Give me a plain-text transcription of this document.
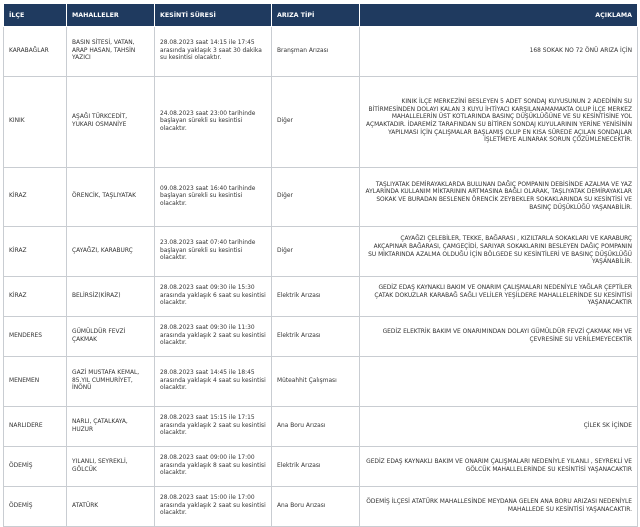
İLÇE	MAHALLELER	KESİNTİ SÜRESİ	ARIZA TİPİ	AÇIKLAMA
KARABAĞLAR	BASIN SİTESİ, VATAN, ARAP HASAN, TAHSİN YAZICI	28.08.2023 saat 14:15 ile 17:45 arasında yaklaşık 3 saat 30 dakika su kesintisi olacaktır.	Branşman Arızası	168 SOKAK NO 72 ÖNÜ ARIZA İÇİN
KINIK	AŞAĞI TÜRKCEDİT, YUKARI OSMANİYE	24.08.2023 saat 23:00 tarihinde başlayan sürekli su kesintisi olacaktır.	Diğer	KINIK İLÇE MERKEZİNİ BESLEYEN 5 ADET SONDAJ KUYUSUNUN 2 ADEDİNİN SU BİTİRMESİNDEN DOLAYI KALAN 3 KUYU İHTİYACI KARŞILANAMAMAKTA OLUP İLÇE MERKEZ MAHALLELERİN ÜST KOTLARINDA BASINÇ DÜŞÜKLÜĞÜNE VE SU KESİNTİSİNE YOL AÇMAKTADIR. İDAREMİZ TARAFINDAN SU BİTİREN SONDAJ KUYULARININ YERİNE YENİSİNİN YAPILMASI İÇİN ÇALIŞMALAR BAŞLAMIŞ OLUP EN KISA SÜREDE AÇILAN SONDAJLAR İŞLETMEYE ALINARAK SORUN ÇÖZÜMLENECEKTİR.
KİRAZ	ÖRENCİK, TAŞLIYATAK	09.08.2023 saat 16:40 tarihinde başlayan sürekli su kesintisi olacaktır.	Diğer	TAŞLIYATAK DEMİRAYAKLARDA BULUNAN DAĞIÇ POMPANIN DEBİSİNDE AZALMA VE YAZ AYLARINDA KULLANIM MİKTARININ ARTMASINA BAĞLI OLARAK, TAŞLIYATAK DEMİRAYAKLAR SOKAK VE BURADAN BESLENEN ÖRENCİK ZEYBEKLER SOKAKLARINDA SU KESİNTİSİ VE BASINÇ DÜŞÜKLÜĞÜ YAŞANABİLİR.
KİRAZ	ÇAYAĞZI, KARABURÇ	23.08.2023 saat 07:40 tarihinde başlayan sürekli su kesintisi olacaktır.	Diğer	ÇAYAĞZI ÇELEBİLER, TEKKE, BAĞARASI , KIZILTARLA SOKAKLARI VE KARABURÇ AKÇAPINAR BAĞARASI, ÇAMGEÇİDİ, SARIYAR SOKAKLARINI BESLEYEN DAĞIÇ POMPANIN SU MİKTARINDA AZALMA OLDUĞU İÇİN BÖLGEDE SU KESİNTİLERİ VE BASINÇ DÜŞÜKLÜĞÜ YAŞANABİLİR.
KİRAZ	BELİRSİZ(KİRAZ)	28.08.2023 saat 09:30 ile 15:30 arasında yaklaşık 6 saat su kesintisi olacaktır.	Elektrik Arızası	GEDİZ EDAŞ KAYNAKLI BAKIM VE ONARIM ÇALIŞMALARI NEDENİYLE YAĞLAR ÇEPTİLER ÇATAK DOKUZLAR KARABAĞ SAĞLI VELİLER YEŞİLDERE MAHALLELERİNDE SU KESİNTİSİ YAŞANACAKTIR
MENDERES	GÜMÜLDÜR FEVZİ ÇAKMAK	28.08.2023 saat 09:30 ile 11:30 arasında yaklaşık 2 saat su kesintisi olacaktır.	Elektrik Arızası	GEDİZ ELEKTRİK BAKIM VE ONARIMINDAN DOLAYI GÜMÜLDÜR FEVZİ ÇAKMAK MH VE ÇEVRESİNE SU VERİLEMEYECEKTİR
MENEMEN	GAZİ MUSTAFA KEMAL, 85.YIL CUMHURİYET, İNÖNÜ	28.08.2023 saat 14:45 ile 18:45 arasında yaklaşık 4 saat su kesintisi olacaktır.	Müteahhit Çalışması	
NARLIDERE	NARLI, ÇATALKAYA, HUZUR	28.08.2023 saat 15:15 ile 17:15 arasında yaklaşık 2 saat su kesintisi olacaktır.	Ana Boru Arızası	ÇİLEK SK İÇİNDE
ÖDEMİŞ	YILANLI, SEYREKLİ, GÖLCÜK	28.08.2023 saat 09:00 ile 17:00 arasında yaklaşık 8 saat su kesintisi olacaktır.	Elektrik Arızası	GEDİZ EDAŞ KAYNAKLI BAKIM VE ONARIM ÇALIŞMALARI NEDENİYLE YILANLI , SEYREKLİ VE GÖLCÜK MAHALLELERİNDE SU KESİNTİSİ YAŞANACAKTIR
ÖDEMİŞ	ATATÜRK	28.08.2023 saat 15:00 ile 17:00 arasında yaklaşık 2 saat su kesintisi olacaktır.	Ana Boru Arızası	ÖDEMİŞ İLÇESİ ATATÜRK MAHALLESİNDE MEYDANA GELEN ANA BORU ARIZASI NEDENİYLE MAHALLEDE SU KESİNTİSİ YAŞANACAKTIR.
